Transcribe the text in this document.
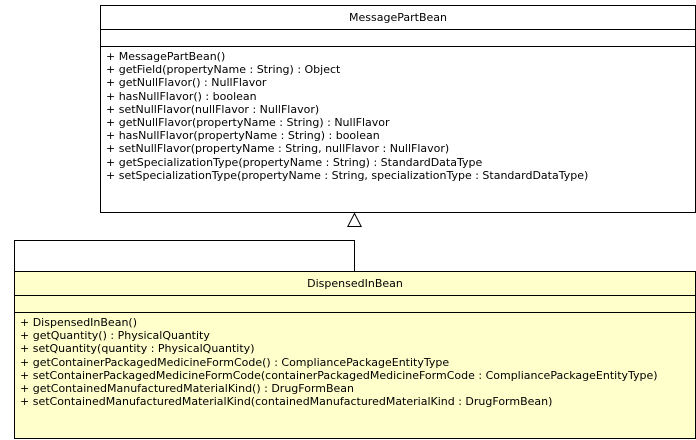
MessagePartBean
+ MessagePartBean()
+ getField(propertyName : String) : Object
+ getNullFlavor() : NullFlavor
+ hasNullFlavor() : boolean
+ setNullFlavor(nullFlavor : NullFlavor)
+ getNullFlavor(propertyName : String) : NullFlavor
+ hasNullFlavor(propertyName : String) : boolean
+ setNullFlavor(propertyName : String, nullFlavor : NullFlavor)
+ getSpecializationType(propertyName : String) : StandardDataType
+ setSpecializationType(propertyName : String, specializationType : StandardDataType)
DispensedInBean
+ DispensedInBean()
+ getQuantity() : PhysicalQuantity
+ setQuantity(quantity : PhysicalQuantity)
+ getContainerPackagedMedicineFormCode() : CompliancePackageEntityType
+ setContainerPackagedMedicineFormCode(containerPackagedMedicineFormCode : CompliancePackageEntityType)
+ getContainedManufacturedMaterialKind() : DrugFormBean
+ setContainedManufacturedMaterialKind(containedManufacturedMaterialKind : DrugFormBean)
